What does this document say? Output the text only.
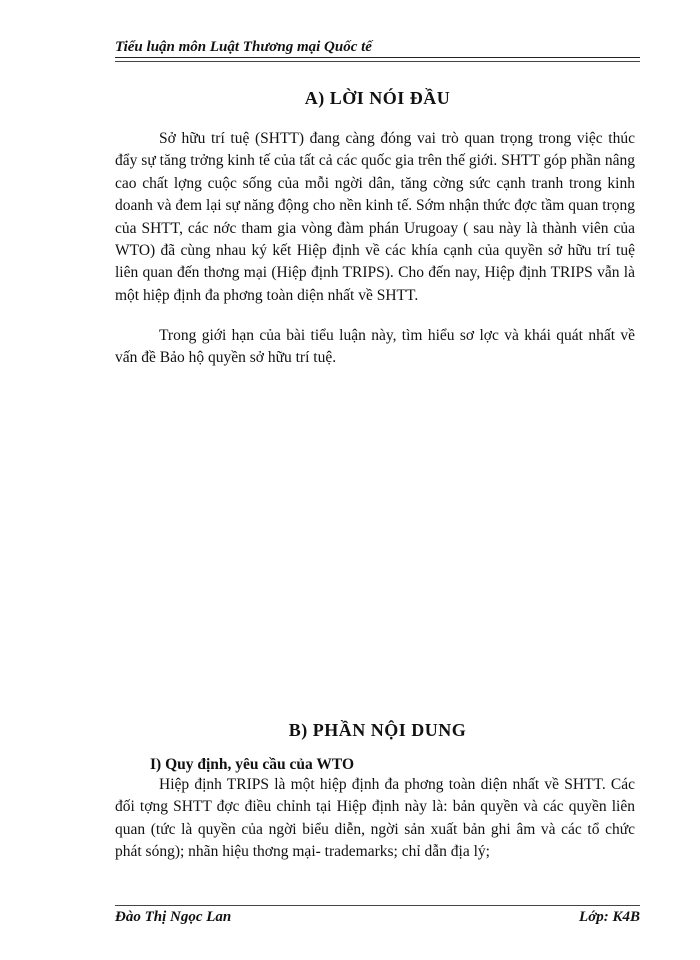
Tiểu luận môn Luật Thương mại Quốc tế
A) LỜI NÓI ĐẦU

Sở hữu trí tuệ (SHTT) đang càng đóng vai trò quan trọng trong việc thúc đẩy sự tăng trởng kinh tế của tất cả các quốc gia trên thế giới. SHTT góp phần nâng cao chất lợng cuộc sống của mỗi ngời dân, tăng cờng sức cạnh tranh trong kinh doanh và đem lại sự năng động cho nền kinh tế. Sớm nhận thức đợc tầm quan trọng của SHTT, các nớc tham gia vòng đàm phán Urugoay ( sau này là thành viên của WTO) đã cùng nhau ký kết Hiệp định về các khía cạnh của quyền sở hữu trí tuệ liên quan đến thơng mại (Hiệp định TRIPS). Cho đến nay, Hiệp định TRIPS vẫn là một hiệp định đa phơng toàn diện nhất về SHTT.

Trong giới hạn của bài tiểu luận này, tìm hiểu sơ lợc và khái quát nhất về vấn đề Bảo hộ quyền sở hữu trí tuệ.

B) PHẦN NỘI DUNG
I) Quy định, yêu cầu của WTO

Hiệp định TRIPS là một hiệp định đa phơng toàn diện nhất về SHTT. Các đối tợng SHTT đợc điều chỉnh tại Hiệp định này là: bản quyền và các quyền liên quan (tức là quyền của ngời biểu diễn, ngời sản xuất bản ghi âm và các tổ chức phát sóng); nhãn hiệu thơng mại- trademarks; chỉ dẫn địa lý;

Đào Thị Ngọc Lan	Lớp: K4B
